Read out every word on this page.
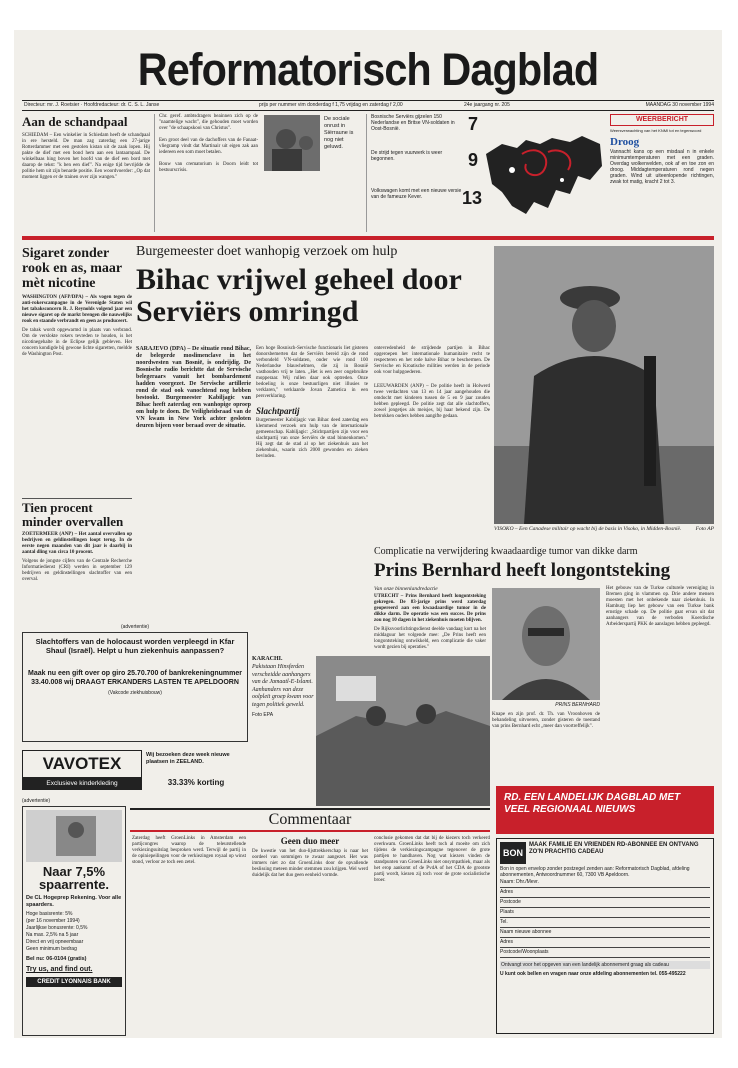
Reformatorisch Dagblad
Directeur: mr. J. Roetsier · Hoofdredacteur: dr. C. S. L. Janse	prijs per nummer vim donderdag f 1,75 vrijdag en zaterdag f 2,00	24e jaargang nr. 205	MAANDAG 30 november 1994
Aan de schandpaal
SCHIEDAM – Een winkelier in Schiedam heeft de schandpaal in ere hersteld. De man zag zaterdag een 27-jarige Rotterdammer met een gestolen kistan uit de zaak lopen. Hij pakte de dief met een bond hem aan een lantaarnpaal. De winkelbaas hing boven het hoofd van de dief een bord met daarop de tekst: "k ben een dief". Na enige tijd bevrijdde de politie hem uit zijn benarde positie. Een woordvoerder: „Op dat moment liggen er de trainen over zijn wangen."
Chr. geref. ambtsdragers beainnen zich op de "naamtelige wacht", die gehouden moet worden over "de schaapskooi van Christus".
Een groot deel van de dachoffers van de Fanaat-vliegramp vindt dat Martinair uit eigen zak aan iedereen een som moet betalen.
Bouw van crematorium is Doorn leidt tot bestuurscrisis.
De sociale onrust in Siërraune is nog niet geluwd.
Bosnische Serviërs gijzelen 150 Nederlandse en Britse VN-soldaten in Oost-Bosnië.	7
De strijd tegen vuurwerk is weer begonnen.	9
Volkswagen komt met een nieuwe versie van de fameuze Kever.	13
WEERBERICHT
Weersverwachting van het KNMI tot en tegenwoord
Droog
Vannacht kans op een misdaal n in enkele minimumtemperaturen met een graden. Overdag wolkenvelden, ook af en toe zon en droog. Middagtemperaturen rond negen graden. Wind uit uiteenlopende richtingen, zwak tot matig, kracht 2 tot 3.
Sigaret zonder rook en as, maar mèt nicotine
WASHINGTON (AFP/DPA) – Als vogen tegen de anti-rokerscampagne in de Verenigde Staten wil het tabaksconcern R. J. Reynolds volgend jaar een nieuwe sigaret op de markt brengen die nauwelijks rook en staande verbrandt en geen as produceert.
De tabak wordt opgewarmd in plaats van verbrand. Om de verslokte rokers tevreden te houden, is het nicotinegehalte in de Eclipse gelijk gebleven. Het concern kondigde bij gewone lichte sigaretten, meldde de Washington Post.
Tien procent minder overvallen
ZOETERMEER (ANP) – Het aantal overvallen op bedrijven en geldinstellingen loopt terug. In de eerste negen maanden van dit jaar is daarbij in aantal dling van circa 10 procent.
Volgens de jongste cijfers van de Centrale Recherche Informatiedienst (CRI) werden in september 129 bedrijven en geldinstellingen slachtoffer van een overval.
Burgemeester doet wanhopig verzoek om hulp
Bihac vrijwel geheel door Serviërs omringd
SARAJEVO (DPA) – De situatie rond Bihac, de belegerde moslimenclave in het noordwesten van Bosnië, is ondrijdig. De Bosnische radio berichtte dat de Servische belegeraars vanuit het bombardement hadden voorgezet. De Servische artillerie rond de stad ook vanochtend nog hebben bestookt. Burgemeester Kabiljagic van Bihac heeft zaterdag een wanhopige oproep om hulp te doen. De Veiligheidsraad van de VN kwam in New York achter gesloten deuren bijeen voor beraad over de situatie.
Een hoge Bosnisch-Servische functionaris liet gisteren donorsbemerten dat de Serviërs bereid zijn de rond verbondeld VN-soldaten, onder wie rond 100 Nederlandse blauwhelmen, die zij in Bosnië vasthouden vrij te laten. „Het is een zeer ongebruikte mopperaar. Wij rullen daar ook optreden. Onze bedoeling is onze bestuurligen niet illusies te verklaren," verklaarde Jovan Zametica in een persverklaring.
Slachtpartij
Burgemeester Kabiljagic van Bihac deed zaterdag een klemmend verzoek om hulp van de internationale gemeenschap. Kabiljagic: „Stichtpartijen zijn voor een slachtpartij van onze Serviërs de stad binnenkomen." Hij zegt dat de stad al op het ziekenhuis aan het ziekenhuis, waarin zich 2000 gewonden en zieken bevinden.
ontevredenheid de strijdende partijen in Bihac opgeroepen het internationale humanitaire recht te respecteren en het rode halve Bihac te beschermen. De Servische en Kroatische milities werden in de periode ook voor hulpgoederen.
LEEUWARDEN (ANP) – De politie heeft in Holwerd twee verdachten van 13 en 14 jaar aangehouden die omdocht met kinderen tussen de 5 en 9 jaar zouden hebben gepleegd. De politie zegt dat alle slachtoffers, zowel jongetjes als meisjes, bij haar bekend zijn. De betrokken ouders hebben aangifte gedaan.
VISOKO – Een Canadese militair op wacht bij de basis in Visoko, in Midden-Bosnië.	Foto AP
(advertentie)
Slachtoffers van de holocaust worden verpleegd in Kfar Shaul (Israël). Helpt u hun ziekenhuis aanpassen?
Maak nu een gift over op giro 25.70.700 of bankrekeningnummer 33.40.008 wij DRAAGT ERKANDERS LASTEN TE APELDOORN
(Vakcode ziekhuisbouw)
VAVOTEX
Exclusieve kinderkleding
Wij bezoeken deze week nieuwe plaatsen in ZEELAND.
33.33% korting
(advertentie)
Naar 7,5% spaarrente.
De CL Hogeprep Rekening. Voor alle spaarders.
Hoge basisrente: 5%
(per 16 november 1994)
Jaarlijkse bonusrente: 0,5%
Na max. 2,5% na 5 jaar
Direct en vrij opneembaar
Geen minimum bedrag
Bel nu: 06-0104 (gratis)
Try us, and find out.
CREDIT LYONNAIS BANK
KARACHI.
Pakistaan Hinsferden verscheidde aanhangers van de Jamaatl-E-Islami. Aanhanders van deze oolpleit groep kwam voor tegen politiek geweld.
Foto EPA
Complicatie na verwijdering kwaadaardige tumor van dikke darm
Prins Bernhard heeft longontsteking
Van onze binnenlandredactie
UTRECHT – Prins Bernhard heeft longontsteking gekregen. De 83-jarige prins werd zaterdag geopereerd aan een kwaadaardige tumor in de dikke darm. De operatie was een succes. De prins zou nog 10 dagen in het ziekenhuis moeten blijven.
De Rijksvoorlichtingsdienst deelde vandaag kort na het middaguur het volgende mee: „De Prins heeft een longontsteking ontwikkeld, een complicatie die vaker wordt gezien bij operaties."
PRINS BERNHARD
Knape en zijn prof. dr. Th. van Vroonhoven de behandeling uitvoeren, zonder gisteren de toestand van prins Bernhard echt „meer dan voortreffelijk".
Het gebouw van de Turkse culturele vereniging in Bremen ging in vlammen op. Drie andere mensen moesten met het onbekende naar ziekenhuis. In Hamburg liep het gebouw van een Turkse bank ernstige schade op. De politie gaat ervan uit dat aanhangers van de verboden Koerdische Arbeiderspartij PKK de aanslagen hebben gepleegd.
Commentaar
Zaterdag heeft GroenLinks in Amsterdam een partijcongres waarop de teleurstellende verkiezingsuitslag besproken werd. Terwijl de partij in de opiniepeilingen voor de verkiezingen royaal op winst stond, verloor ze toch een zetel.
Geen duo meer
De kwestie van het duo-lijsttrekkerschap is naar het oordeel van sommigen te zwaar aangezet. Het was immers niet zo dat GroenLinks door de opvallende beslissing meteen minder stemmen zou krijgen. Wel werd duidelijk dat het duo geen eenheid vormde.
conclusie gekomen dat dat bij de kiezers toch verkeerd overkwam. GroenLinks heeft toch al moeite om zich tijdens de verkiezingscampagne tegenover de grote partijen te handhaven. Nog wat kiezers vinden de standpunten van GroenLinks niet onsympathiek, maar als het erop aankomt of de PvdA of het CDA de grootste partij wordt, kiezen zij toch voor de grote socialistische broer.
RD. EEN LANDELIJK DAGBLAD MET VEEL REGIONAAL NIEUWS
BON
MAAK FAMILIE EN VRIENDEN RD-ABONNEE EN ONTVANG ZO'N PRACHTIG CADEAU
Bon in open envelop zonder postzegel zenden aan: Reformatorisch Dagblad, afdeling abonnementen, Antwoordnummer 60, 7300 VB Apeldoorn.
Naam: Dhr./Mevr.
Adres
Postcode
Plaats
Tel.
Naam nieuwe abonnee
Adres
Postcode/Woonplaats
Ontvangt voor het opgeven van een landelijk abonnement graag als cadeau
U kunt ook bellen en vragen naar onze afdeling abonnementen tel. 055-495222
